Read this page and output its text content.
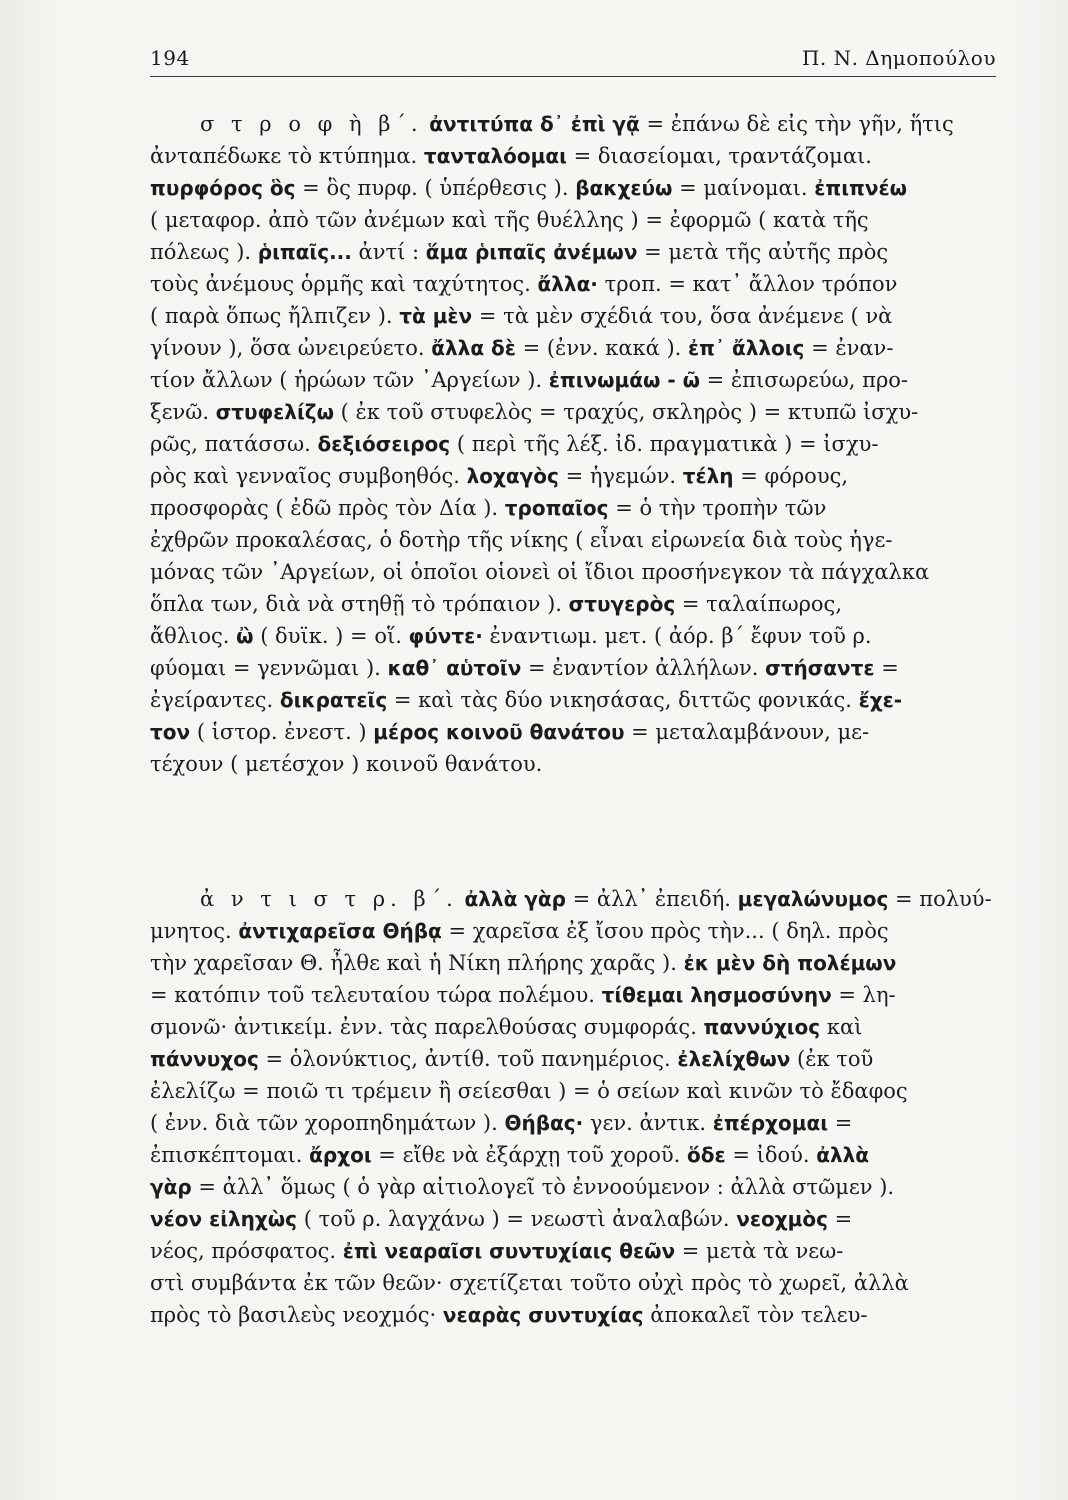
194	Π. Ν. Δημοπούλου
σ τ ρ ο φ ὴ β΄. ἀντιτύπα δ᾽ ἐπὶ γᾷ = ἐπάνω δὲ εἰς τὴν γῆν, ἥτις
ἀνταπέδωκε τὸ κτύπημα. τανταλόομαι = διασείομαι, τραντάζομαι.
πυρφόρος ὃς = ὃς πυρφ. ( ὑπέρθεσις ). βακχεύω = μαίνομαι. ἐπιπνέω
( μεταφορ. ἀπὸ τῶν ἀνέμων καὶ τῆς θυέλλης ) = ἐφορμῶ ( κατὰ τῆς
πόλεως ). ῥιπαῖς... ἀντί : ἅμα ῥιπαῖς ἀνέμων = μετὰ τῆς αὐτῆς πρὸς
τοὺς ἀνέμους ὁρμῆς καὶ ταχύτητος. ἄλλα· τροπ. = κατ᾽ ἄλλον τρόπον
( παρὰ ὅπως ἤλπιζεν ). τὰ μὲν = τὰ μὲν σχέδιά του, ὅσα ἀνέμενε ( νὰ
γίνουν ), ὅσα ὠνειρεύετο. ἄλλα δὲ = (ἐνν. κακά ). ἐπ᾽ ἄλλοις = ἐναν-
τίον ἄλλων ( ἡρώων τῶν ᾽Αργείων ). ἐπινωμάω - ῶ = ἐπισωρεύω, προ-
ξενῶ. στυφελίζω ( ἐκ τοῦ στυφελὸς = τραχύς, σκληρὸς ) = κτυπῶ ἰσχυ-
ρῶς, πατάσσω. δεξιόσειρος ( περὶ τῆς λέξ. ἰδ. πραγματικὰ ) = ἰσχυ-
ρὸς καὶ γενναῖος συμβοηθός. λοχαγὸς = ἡγεμών. τέλη = φόρους,
προσφορὰς ( ἐδῶ πρὸς τὸν Δία ). τροπαῖος = ὁ τὴν τροπὴν τῶν
ἐχθρῶν προκαλέσας, ὁ δοτὴρ τῆς νίκης ( εἶναι εἰρωνεία διὰ τοὺς ἡγε-
μόνας τῶν ᾽Αργείων, οἱ ὁποῖοι οἱονεὶ οἱ ἴδιοι προσήνεγκον τὰ πάγχαλκα
ὅπλα των, διὰ νὰ στηθῇ τὸ τρόπαιον ). στυγερὸς = ταλαίπωρος,
ἄθλιος. ὢ ( δυϊκ. ) = οἵ. φύντε· ἐναντιωμ. μετ. ( ἀόρ. β΄ ἔφυν τοῦ ρ.
φύομαι = γεννῶμαι ). καθ᾽ αὑτοῖν = ἐναντίον ἀλλήλων. στήσαντε =
ἐγείραντες. δικρατεῖς = καὶ τὰς δύο νικησάσας, διττῶς φονικάς. ἔχε-
τον ( ἱστορ. ἐνεστ. ) μέρος κοινοῦ θανάτου = μεταλαμβάνουν, με-
τέχουν ( μετέσχον ) κοινοῦ θανάτου.
ἀ ν τ ι σ τ ρ. β΄. ἀλλὰ γὰρ = ἀλλ᾽ ἐπειδή. μεγαλώνυμος = πολυύ-
μνητος. ἀντιχαρεῖσα Θήβᾳ = χαρεῖσα ἐξ ἴσου πρὸς τὴν... ( δηλ. πρὸς
τὴν χαρεῖσαν Θ. ἦλθε καὶ ἡ Νίκη πλήρης χαρᾶς ). ἐκ μὲν δὴ πολέμων
= κατόπιν τοῦ τελευταίου τώρα πολέμου. τίθεμαι λησμοσύνην = λη-
σμονῶ· ἀντικείμ. ἐνν. τὰς παρελθούσας συμφοράς. παννύχιος καὶ
πάννυχος = ὁλονύκτιος, ἀντίθ. τοῦ πανημέριος. ἐλελίχθων (ἐκ τοῦ
ἐλελίζω = ποιῶ τι τρέμειν ἢ σείεσθαι ) = ὁ σείων καὶ κινῶν τὸ ἔδαφος
( ἐνν. διὰ τῶν χοροπηδημάτων ). Θήβας· γεν. ἀντικ. ἐπέρχομαι =
ἐπισκέπτομαι. ἄρχοι = εἴθε νὰ ἐξάρχῃ τοῦ χοροῦ. ὅδε = ἰδού. ἀλλὰ
γὰρ = ἀλλ᾽ ὅμως ( ὁ γὰρ αἰτιολογεῖ τὸ ἐννοούμενον : ἀλλὰ στῶμεν ).
νέον εἰληχὼς ( τοῦ ρ. λαγχάνω ) = νεωστὶ ἀναλαβών. νεοχμὸς =
νέος, πρόσφατος. ἐπὶ νεαραῖσι συντυχίαις θεῶν = μετὰ τὰ νεω-
στὶ συμβάντα ἐκ τῶν θεῶν· σχετίζεται τοῦτο οὐχὶ πρὸς τὸ χωρεῖ, ἀλλὰ
πρὸς τὸ βασιλεὺς νεοχμός· νεαρὰς συντυχίας ἀποκαλεῖ τὸν τελευ-
